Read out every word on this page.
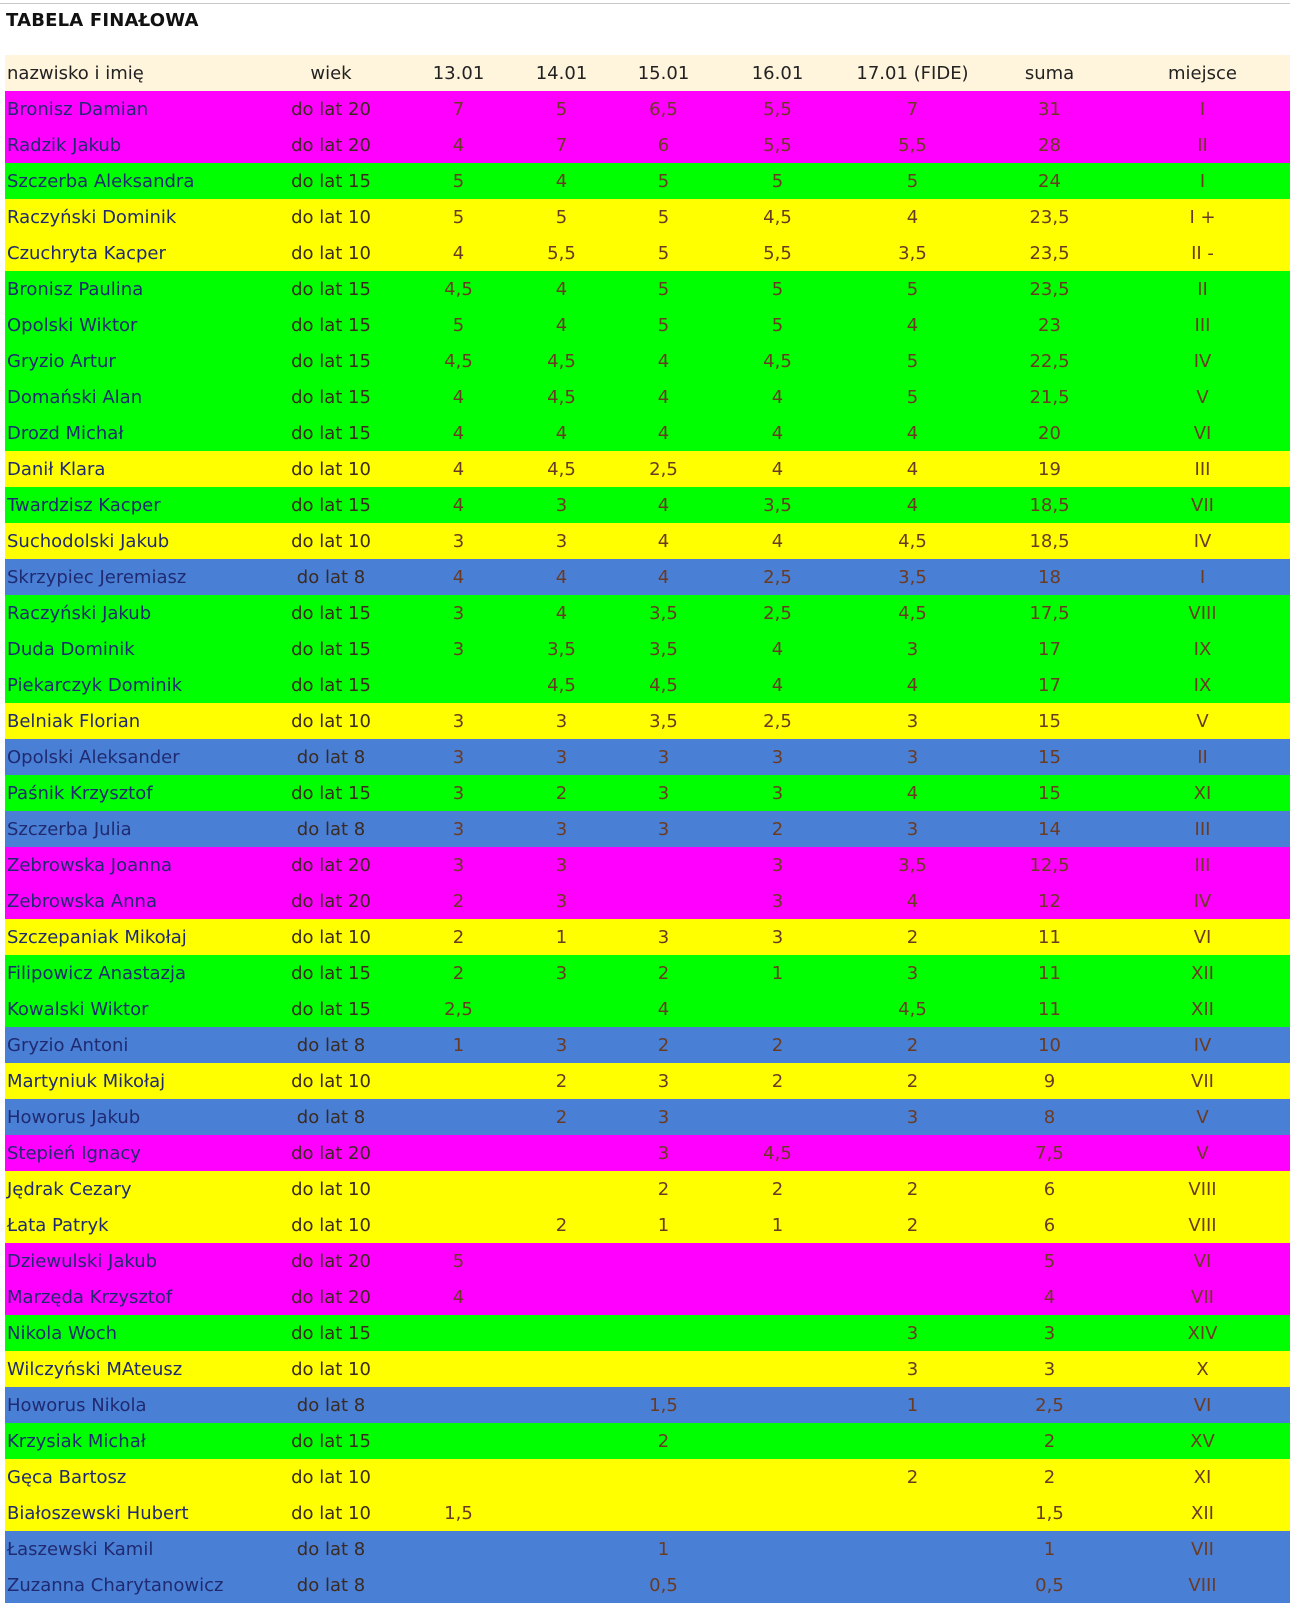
TABELA FINAŁOWA
nazwisko i imię	wiek	13.01	14.01	15.01	16.01	17.01 (FIDE)	suma	miejsce
Bronisz Damian	do lat 20	7	5	6,5	5,5	7	31	I
Radzik Jakub	do lat 20	4	7	6	5,5	5,5	28	II
Szczerba Aleksandra	do lat 15	5	4	5	5	5	24	I
Raczyński Dominik	do lat 10	5	5	5	4,5	4	23,5	I +
Czuchryta Kacper	do lat 10	4	5,5	5	5,5	3,5	23,5	II -
Bronisz Paulina	do lat 15	4,5	4	5	5	5	23,5	II
Opolski Wiktor	do lat 15	5	4	5	5	4	23	III
Gryzio Artur	do lat 15	4,5	4,5	4	4,5	5	22,5	IV
Domański Alan	do lat 15	4	4,5	4	4	5	21,5	V
Drozd Michał	do lat 15	4	4	4	4	4	20	VI
Danił Klara	do lat 10	4	4,5	2,5	4	4	19	III
Twardzisz Kacper	do lat 15	4	3	4	3,5	4	18,5	VII
Suchodolski Jakub	do lat 10	3	3	4	4	4,5	18,5	IV
Skrzypiec Jeremiasz	do lat 8	4	4	4	2,5	3,5	18	I
Raczyński Jakub	do lat 15	3	4	3,5	2,5	4,5	17,5	VIII
Duda Dominik	do lat 15	3	3,5	3,5	4	3	17	IX
Piekarczyk Dominik	do lat 15		4,5	4,5	4	4	17	IX
Belniak Florian	do lat 10	3	3	3,5	2,5	3	15	V
Opolski Aleksander	do lat 8	3	3	3	3	3	15	II
Paśnik Krzysztof	do lat 15	3	2	3	3	4	15	XI
Szczerba Julia	do lat 8	3	3	3	2	3	14	III
Zebrowska Joanna	do lat 20	3	3		3	3,5	12,5	III
Zebrowska Anna	do lat 20	2	3		3	4	12	IV
Szczepaniak Mikołaj	do lat 10	2	1	3	3	2	11	VI
Filipowicz Anastazja	do lat 15	2	3	2	1	3	11	XII
Kowalski Wiktor	do lat 15	2,5		4		4,5	11	XII
Gryzio Antoni	do lat 8	1	3	2	2	2	10	IV
Martyniuk Mikołaj	do lat 10		2	3	2	2	9	VII
Howorus Jakub	do lat 8		2	3		3	8	V
Stepień Ignacy	do lat 20			3	4,5		7,5	V
Jędrak Cezary	do lat 10			2	2	2	6	VIII
Łata Patryk	do lat 10		2	1	1	2	6	VIII
Dziewulski Jakub	do lat 20	5					5	VI
Marzęda Krzysztof	do lat 20	4					4	VII
Nikola Woch	do lat 15					3	3	XIV
Wilczyński MAteusz	do lat 10					3	3	X
Howorus Nikola	do lat 8			1,5		1	2,5	VI
Krzysiak Michał	do lat 15			2			2	XV
Gęca Bartosz	do lat 10					2	2	XI
Białoszewski Hubert	do lat 10	1,5					1,5	XII
Łaszewski Kamil	do lat 8			1			1	VII
Zuzanna Charytanowicz	do lat 8			0,5			0,5	VIII
